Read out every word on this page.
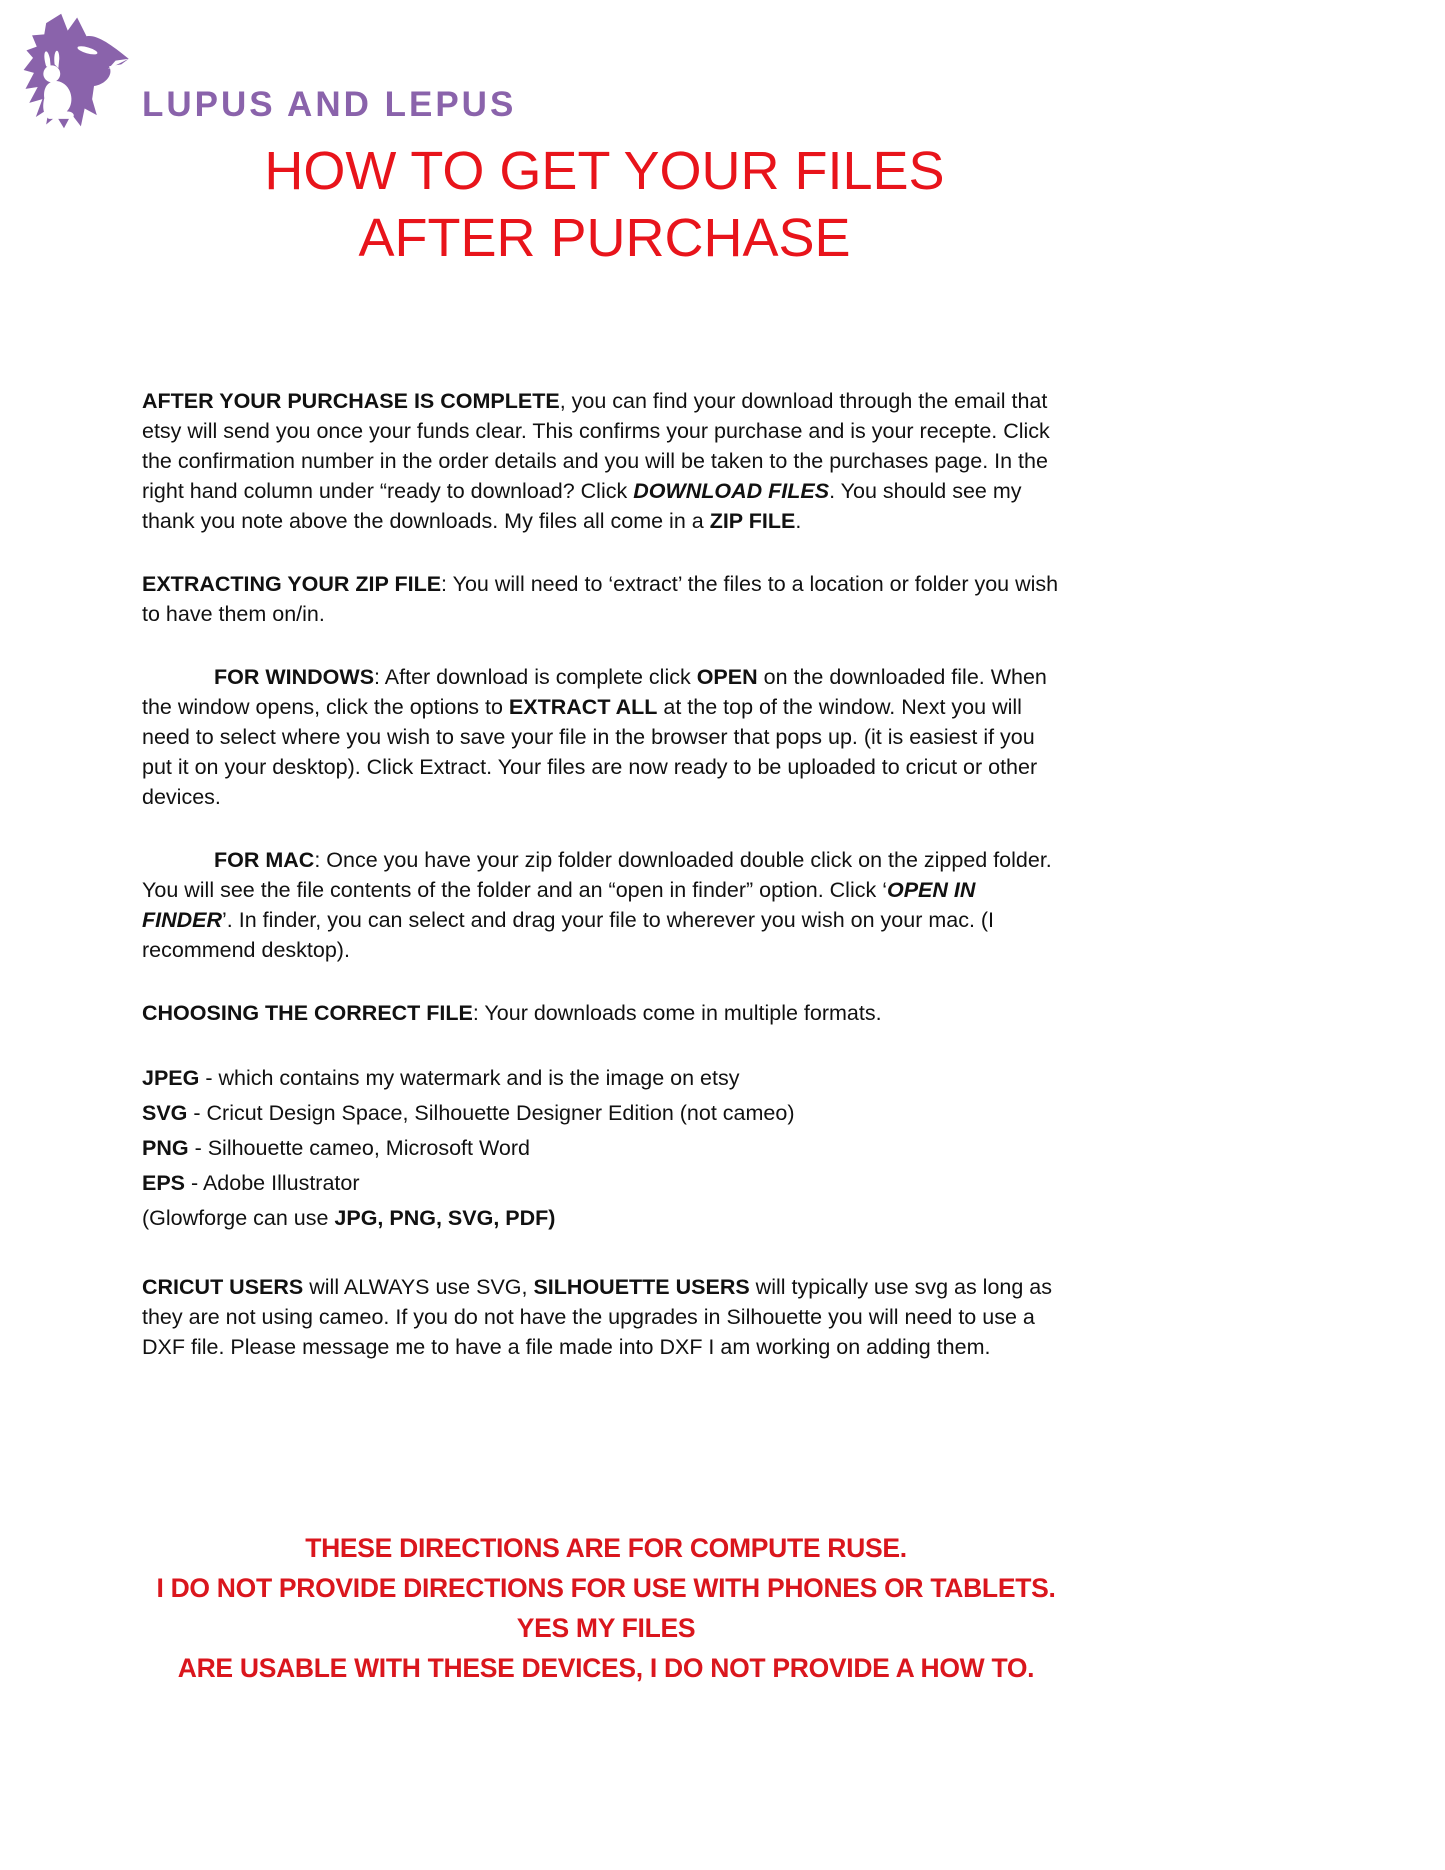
LUPUS AND LEPUS
HOW TO GET YOUR FILES
AFTER PURCHASE

AFTER YOUR PURCHASE IS COMPLETE, you can find your download through the email that etsy will send you once your funds clear. This confirms your purchase and is your recepte. Click the confirmation number in the order details and you will be taken to the purchases page. In the right hand column under “ready to download? Click DOWNLOAD FILES. You should see my thank you note above the downloads. My files all come in a ZIP FILE.

EXTRACTING YOUR ZIP FILE: You will need to ‘extract’ the files to a location or folder you wish to have them on/in.

FOR WINDOWS: After download is complete click OPEN on the downloaded file. When the window opens, click the options to EXTRACT ALL at the top of the window. Next you will need to select where you wish to save your file in the browser that pops up. (it is easiest if you put it on your desktop). Click Extract. Your files are now ready to be uploaded to cricut or other devices.

FOR MAC: Once you have your zip folder downloaded double click on the zipped folder. You will see the file contents of the folder and an “open in finder” option. Click ‘OPEN IN FINDER’. In finder, you can select and drag your file to wherever you wish on your mac. (I recommend desktop).

CHOOSING THE CORRECT FILE: Your downloads come in multiple formats.

JPEG - which contains my watermark and is the image on etsy
SVG - Cricut Design Space, Silhouette Designer Edition (not cameo)
PNG - Silhouette cameo, Microsoft Word
EPS - Adobe Illustrator
(Glowforge can use JPG, PNG, SVG, PDF)

CRICUT USERS will ALWAYS use SVG, SILHOUETTE USERS will typically use svg as long as they are not using cameo. If you do not have the upgrades in Silhouette you will need to use a DXF file. Please message me to have a file made into DXF I am working on adding them.

THESE DIRECTIONS ARE FOR COMPUTE RUSE.
I DO NOT PROVIDE DIRECTIONS FOR USE WITH PHONES OR TABLETS. YES MY FILES
ARE USABLE WITH THESE DEVICES, I DO NOT PROVIDE A HOW TO.
